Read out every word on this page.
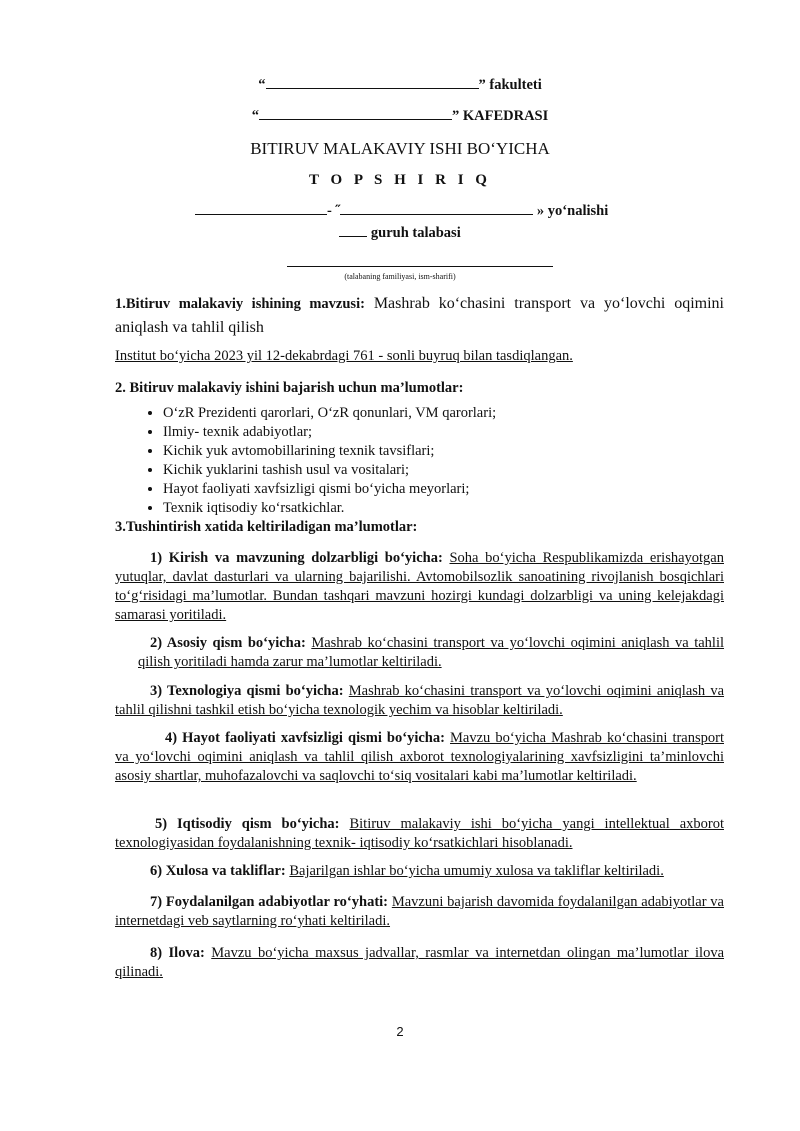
“	” fakulteti
“	” KAFEDRASI
BITIRUV MALAKAVIY ISHI BO‘YICHA
T O P S H I R I Q
- ˝	» yo‘nalishi
guruh talabasi
(talabaning familiyasi, ism-sharifi)
1.Bitiruv malakaviy ishining mavzusi: Mashrab ko‘chasini transport va yo‘lovchi oqimini aniqlash va tahlil qilish
Institut bo‘yicha 2023 yil 12-dekabrdagi 761 - sonli buyruq bilan tasdiqlangan.
2. Bitiruv malakaviy ishini bajarish uchun ma’lumotlar:
• O‘zR Prezidenti qarorlari, O‘zR qonunlari, VM qarorlari;
• Ilmiy- texnik adabiyotlar;
• Kichik yuk avtomobillarining texnik tavsiflari;
• Kichik yuklarini tashish usul va vositalari;
• Hayot faoliyati xavfsizligi qismi bo‘yicha meyorlari;
• Texnik iqtisodiy ko‘rsatkichlar.
3.Tushintirish xatida keltiriladigan ma’lumotlar:
1) Kirish va mavzuning dolzarbligi bo‘yicha: Soha bo‘yicha Respublikamizda erishayotgan yutuqlar, davlat dasturlari va ularning bajarilishi. Avtomobilsozlik sanoatining rivojlanish bosqichlari to‘g‘risidagi ma’lumotlar. Bundan tashqari mavzuni hozirgi kundagi dolzarbligi va uning kelejakdagi samarasi yoritiladi.
2) Asosiy qism bo‘yicha: Mashrab ko‘chasini transport va yo‘lovchi oqimini aniqlash va tahlil qilish yoritiladi hamda zarur ma’lumotlar keltiriladi.
3) Texnologiya qismi bo‘yicha: Mashrab ko‘chasini transport va yo‘lovchi oqimini aniqlash va tahlil qilishni tashkil etish bo‘yicha texnologik yechim va hisoblar keltiriladi.
4) Hayot faoliyati xavfsizligi qismi bo‘yicha: Mavzu bo‘yicha Mashrab ko‘chasini transport va yo‘lovchi oqimini aniqlash va tahlil qilish axborot texnologiyalarining xavfsizligini ta’minlovchi asosiy shartlar, muhofazalovchi va saqlovchi to‘siq vositalari kabi ma’lumotlar keltiriladi.
5) Iqtisodiy qism bo‘yicha: Bitiruv malakaviy ishi bo‘yicha yangi intellektual axborot texnologiyasidan foydalanishning texnik- iqtisodiy ko‘rsatkichlari hisoblanadi.
6) Xulosa va takliflar: Bajarilgan ishlar bo‘yicha umumiy xulosa va takliflar keltiriladi.
7) Foydalanilgan adabiyotlar ro‘yhati: Mavzuni bajarish davomida foydalanilgan adabiyotlar va internetdagi veb saytlarning ro‘yhati keltiriladi.
8) Ilova: Mavzu bo‘yicha maxsus jadvallar, rasmlar va internetdan olingan ma’lumotlar ilova qilinadi.
2
